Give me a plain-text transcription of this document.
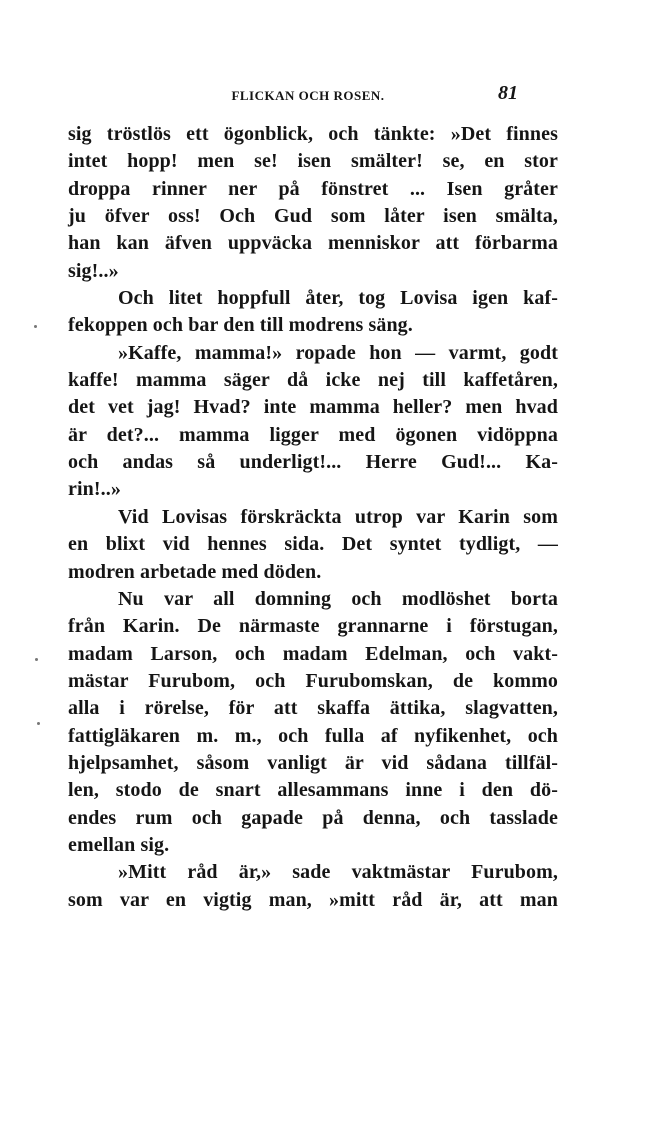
FLICKAN OCH ROSEN.	81
sig tröstlös ett ögonblick, och tänkte: »Det finnes
intet hopp! men se! isen smälter! se, en stor
droppa rinner ner på fönstret ... Isen gråter
ju öfver oss! Och Gud som låter isen smälta,
han kan äfven uppväcka menniskor att förbarma
sig!..»
Och litet hoppfull åter, tog Lovisa igen kaf-
fekoppen och bar den till modrens säng.
»Kaffe, mamma!» ropade hon — varmt, godt
kaffe! mamma säger då icke nej till kaffetåren,
det vet jag! Hvad? inte mamma heller? men hvad
är det?... mamma ligger med ögonen vidöppna
och andas så underligt!... Herre Gud!... Ka-
rin!..»
Vid Lovisas förskräckta utrop var Karin som
en blixt vid hennes sida. Det syntet tydligt, —
modren arbetade med döden.
Nu var all domning och modlöshet borta
från Karin. De närmaste grannarne i förstugan,
madam Larson, och madam Edelman, och vakt-
mästar Furubom, och Furubomskan, de kommo
alla i rörelse, för att skaffa ättika, slagvatten,
fattigläkaren m. m., och fulla af nyfikenhet, och
hjelpsamhet, såsom vanligt är vid sådana tillfäl-
len, stodo de snart allesammans inne i den dö-
endes rum och gapade på denna, och tasslade
emellan sig.
»Mitt råd är,» sade vaktmästar Furubom,
som var en vigtig man, »mitt råd är, att man
